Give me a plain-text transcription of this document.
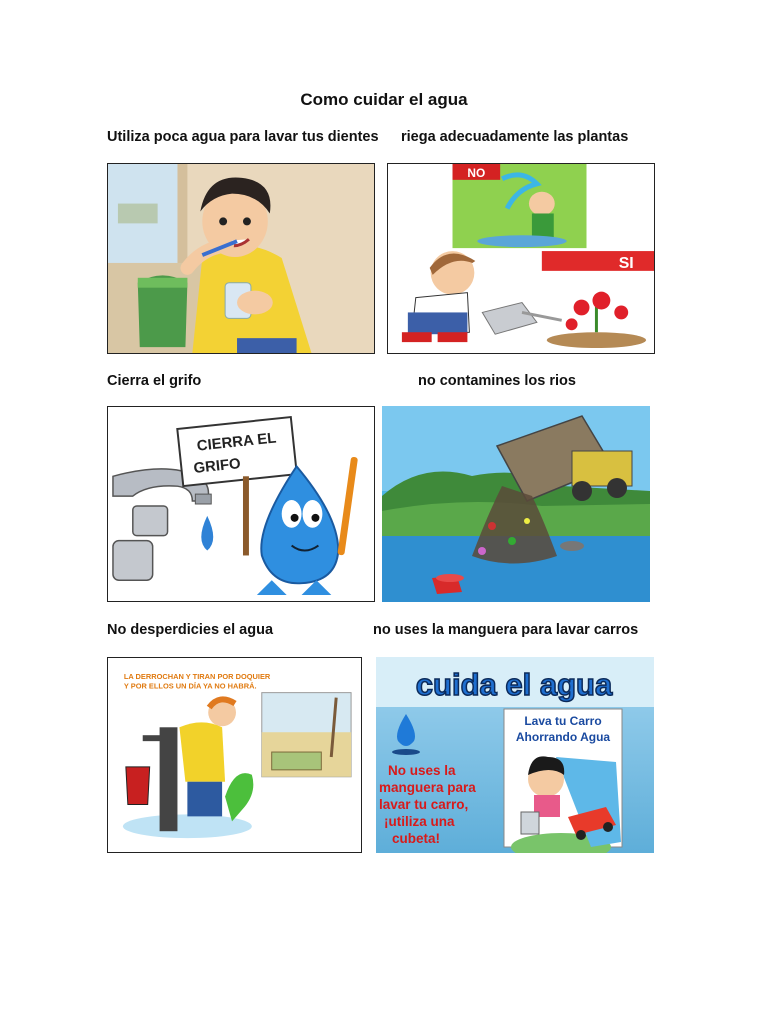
Como cuidar el agua
Utiliza poca agua para lavar tus dientes riega adecuadamente las plantas
NO
SI
Cierra el grifo	no contamines los rios
CIERRA EL
GRIFO
No desperdicies el agua	no uses la manguera para lavar carros
LA DERROCHAN Y TIRAN POR DOQUIER
Y POR ELLOS UN DÍA YA NO HABRÁ.	cuida el agua
Lava tu Carro
Ahorrando Agua
No uses la
manguera para
lavar tu carro,
¡utiliza una
cubeta!
